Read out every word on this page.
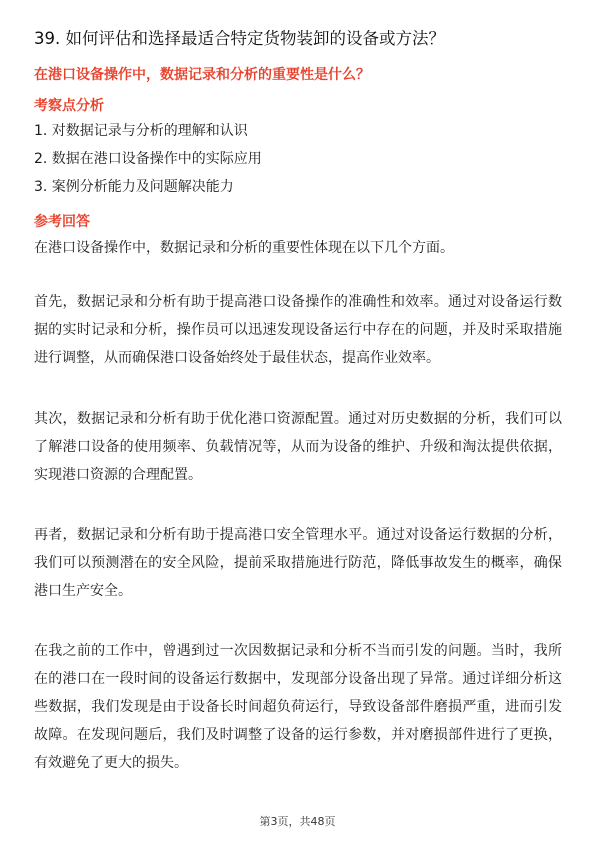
39. 如何评估和选择最适合特定货物装卸的设备或方法？
在港口设备操作中，数据记录和分析的重要性是什么？
考察点分析
1. 对数据记录与分析的理解和认识
2. 数据在港口设备操作中的实际应用
3. 案例分析能力及问题解决能力
参考回答
在港口设备操作中，数据记录和分析的重要性体现在以下几个方面。

首先，数据记录和分析有助于提高港口设备操作的准确性和效率。通过对设备运行数据的实时记录和分析，操作员可以迅速发现设备运行中存在的问题，并及时采取措施进行调整，从而确保港口设备始终处于最佳状态，提高作业效率。

其次，数据记录和分析有助于优化港口资源配置。通过对历史数据的分析，我们可以了解港口设备的使用频率、负载情况等，从而为设备的维护、升级和淘汰提供依据，实现港口资源的合理配置。

再者，数据记录和分析有助于提高港口安全管理水平。通过对设备运行数据的分析，我们可以预测潜在的安全风险，提前采取措施进行防范，降低事故发生的概率，确保港口生产安全。

在我之前的工作中，曾遇到过一次因数据记录和分析不当而引发的问题。当时，我所在的港口在一段时间的设备运行数据中，发现部分设备出现了异常。通过详细分析这些数据，我们发现是由于设备长时间超负荷运行，导致设备部件磨损严重，进而引发故障。在发现问题后，我们及时调整了设备的运行参数，并对磨损部件进行了更换，有效避免了更大的损失。

第3页，共48页
